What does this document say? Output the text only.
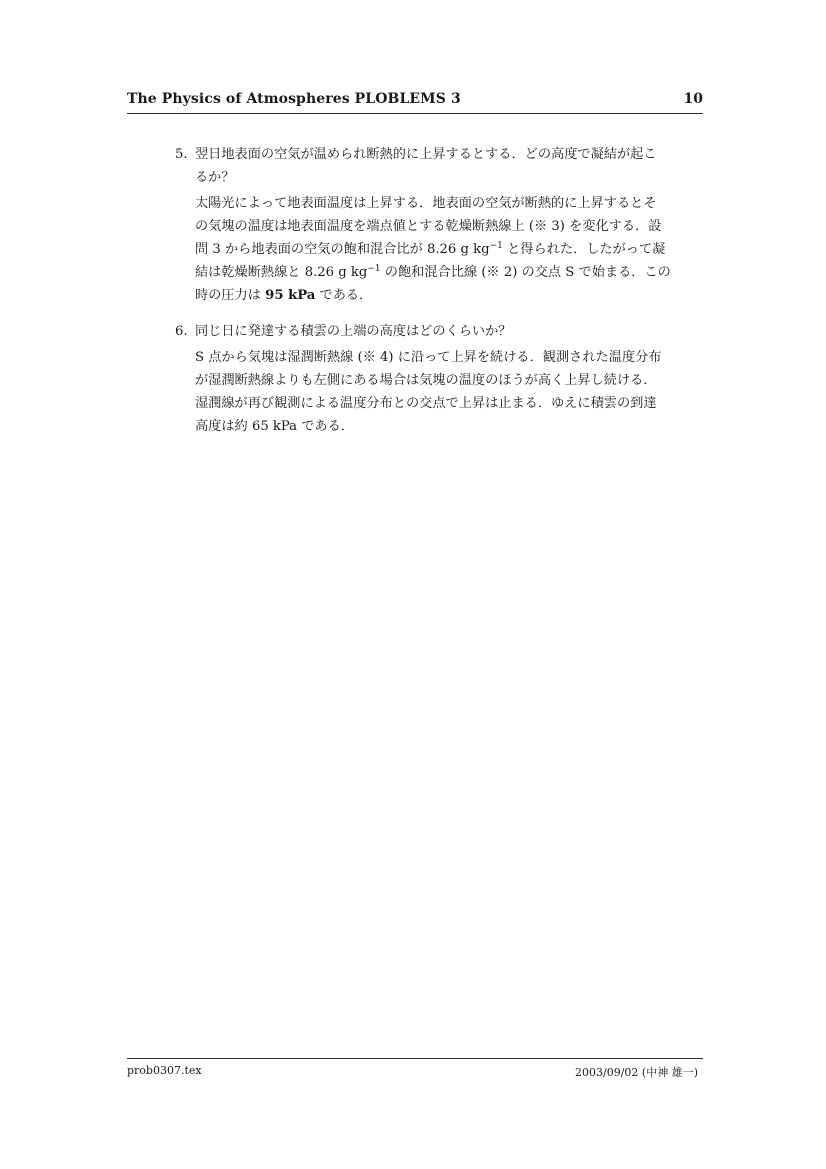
The Physics of Atmospheres PLOBLEMS 3	10
5. 翌日地表面の空気が温められ断熱的に上昇するとする．どの高度で凝結が起こ
るか？
太陽光によって地表面温度は上昇する．地表面の空気が断熱的に上昇するとそ
の気塊の温度は地表面温度を端点値とする乾燥断熱線上 (※ 3) を変化する．設
問 3 から地表面の空気の飽和混合比が 8.26 g $kg^{-1}$ と得られた．したがって凝
結は乾燥断熱線と 8.26 g $kg^{-1}$ の飽和混合比線 (※ 2) の交点 S で始まる．この
時の圧力は 95 kPa である．
6. 同じ日に発達する積雲の上端の高度はどのくらいか？
S 点から気塊は湿潤断熱線 (※ 4) に沿って上昇を続ける．観測された温度分布
が湿潤断熱線よりも左側にある場合は気塊の温度のほうが高く上昇し続ける．
湿潤線が再び観測による温度分布との交点で上昇は止まる．ゆえに積雲の到達
高度は約 65 kPa である．
prob0307.tex	2003/09/02 (中神 雄一)
